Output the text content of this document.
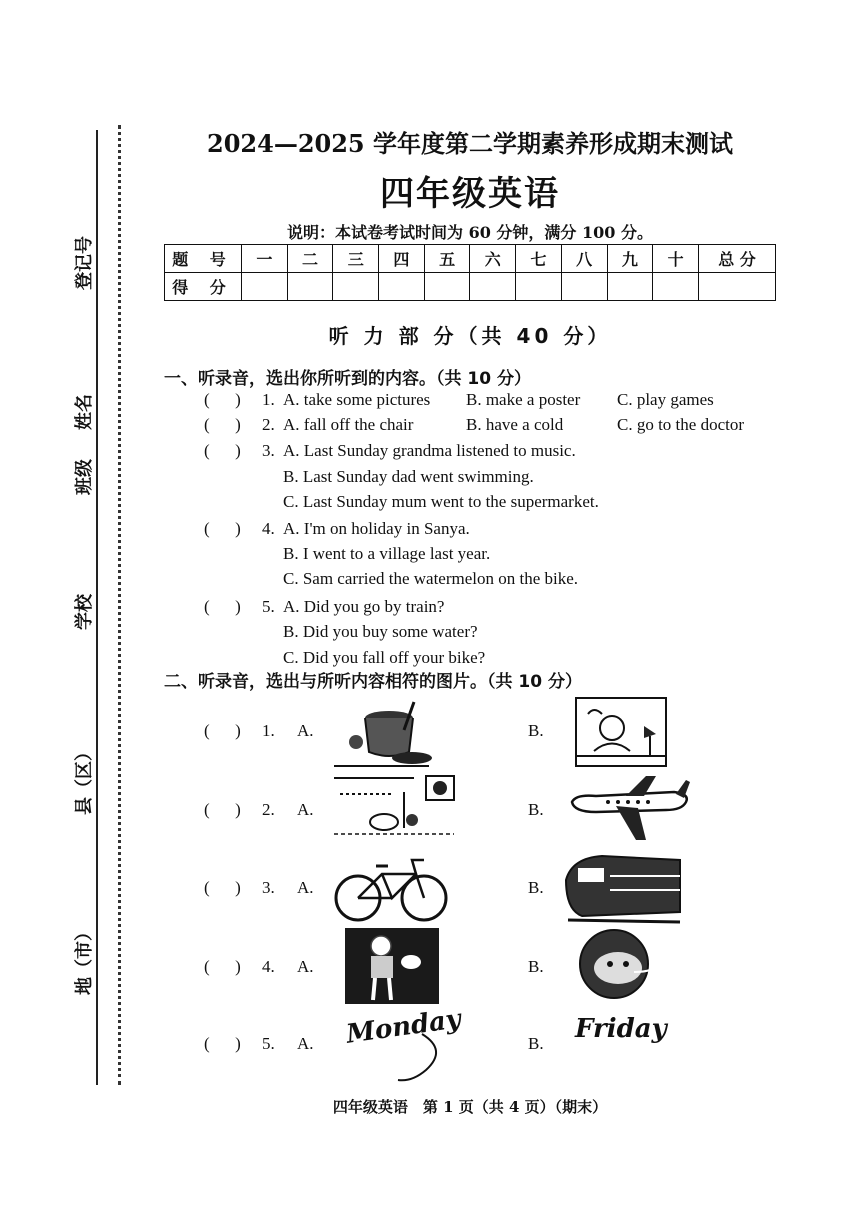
登记号
姓名
班级
学校
县（区）
地（市）
2024—2025 学年度第二学期素养形成期末测试
四年级英语
说明：本试卷考试时间为 60 分钟，满分 100 分。
题 号	一	二	三	四	五	六	七	八	九	十	总 分
得 分											
听 力 部 分（共 40 分）
一、听录音，选出你所听到的内容。（共 10 分）
(      ) 1. A. take some pictures B. make a poster C. play games
(      ) 2. A. fall off the chair	B. have a cold	C. go to the doctor
(      ) 3. A. Last Sunday grandma listened to music.
B. Last Sunday dad went swimming.
C. Last Sunday mum went to the supermarket.
(      ) 4. A. I'm on holiday in Sanya.
B. I went to a village last year.
C. Sam carried the watermelon on the bike.
(      ) 5. A. Did you go by train?
B. Did you buy some water?
C. Did you fall off your bike?
二、听录音，选出与所听内容相符的图片。（共 10 分）
(      ) 1. A.	B.
(      ) 2. A.	B.
(      ) 3. A.	B.
(      ) 4. A.	B.
(      ) 5. A. Monday	B. Friday
四年级英语　第 1 页（共 4 页）（期末）
